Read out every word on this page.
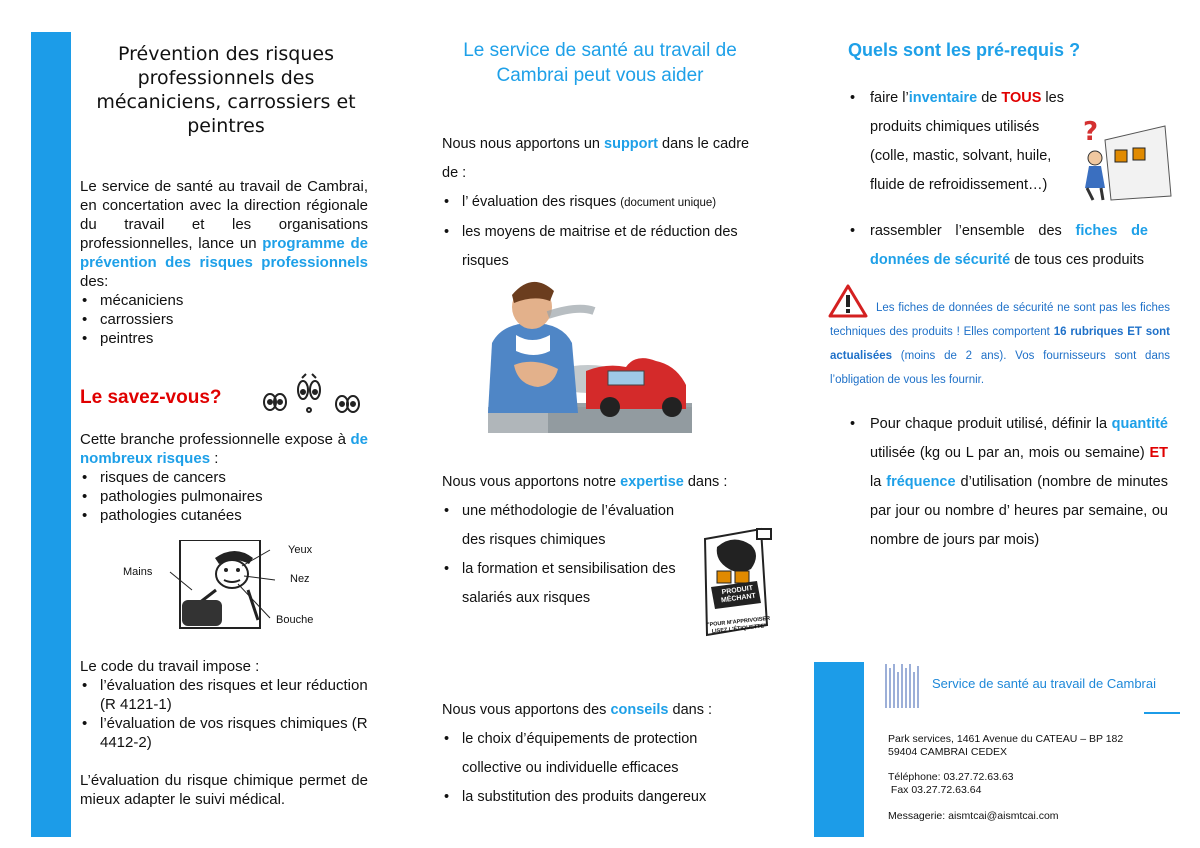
Prévention des risques professionnels des mécaniciens, carrossiers et peintres
Le service de santé au travail de Cambrai, en concertation avec la direction régionale du travail et les organisations professionnelles, lance un programme de prévention des risques professionnels des:
• mécaniciens
• carrossiers
• peintres
Le savez-vous?
Cette branche professionnelle expose à de nombreux risques :
• risques de cancers
• pathologies pulmonaires
• pathologies cutanées
Mains
Yeux
Nez
Bouche
Le code du travail impose :
• l’évaluation des risques et leur réduction (R 4121-1)
• l’évaluation de vos risques chimiques (R 4412-2)
L’évaluation du risque chimique permet de mieux adapter le suivi médical.
Le service de santé au travail de Cambrai peut vous aider
Nous nous apportons un support dans le cadre de :
• l’ évaluation des risques (document unique)
• les moyens de maitrise et de réduction des risques
Nous vous apportons notre expertise dans :
• une méthodologie de l’évaluation des risques chimiques
• la formation et sensibilisation des salariés aux risques	PRODUIT MÉCHANT
"POUR M'APPRIVOISER LISEZ L'ÉTIQUETTE"
Nous vous apportons des conseils dans :
• le choix d’équipements de protection collective ou individuelle efficaces
• la substitution des produits dangereux
Quels sont les pré-requis ?
• faire l’inventaire de TOUS les produits chimiques utilisés (colle, mastic, solvant, huile, fluide de refroidissement…)
?
• rassembler l’ensemble des fiches de données de sécurité de tous ces produits
Les fiches de données de sécurité ne sont pas les fiches techniques des produits ! Elles comportent 16 rubriques ET sont actualisées (moins de 2 ans). Vos fournisseurs sont dans l’obligation de vous les fournir.
• Pour chaque produit utilisé, définir la quantité utilisée (kg ou L par an, mois ou semaine) ET la fréquence d’utilisation (nombre de minutes par jour ou nombre d’ heures par semaine, ou nombre de jours par mois)
Service de santé au travail de Cambrai
Park services, 1461 Avenue du CATEAU – BP 182
59404 CAMBRAI CEDEX
Téléphone: 03.27.72.63.63
Fax 03.27.72.63.64
Messagerie: aismtcai@aismtcai.com
